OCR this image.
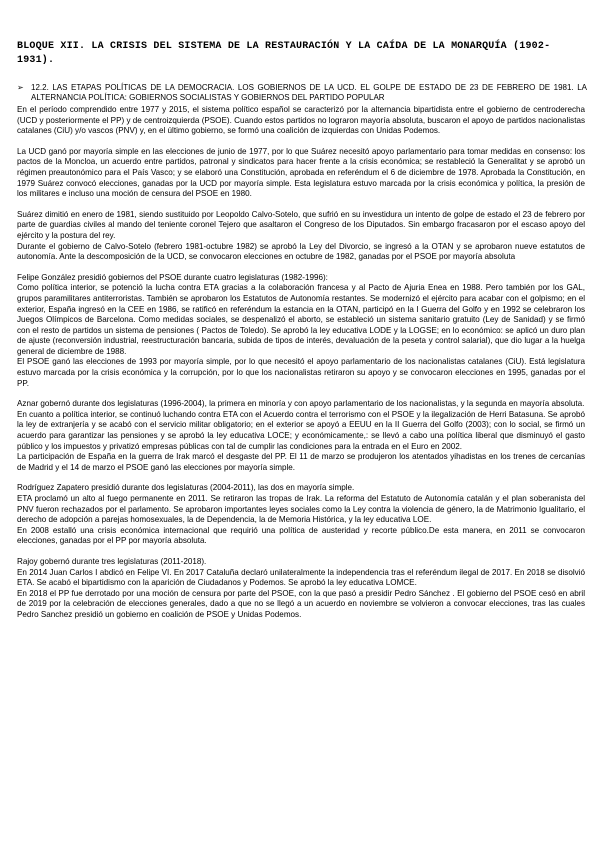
BLOQUE XII. LA CRISIS DEL SISTEMA DE LA RESTAURACIÓN Y LA CAÍDA DE LA MONARQUÍA (1902-1931).
➢ 12.2. LAS ETAPAS POLÍTICAS DE LA DEMOCRACIA. LOS GOBIERNOS DE LA UCD. EL GOLPE DE ESTADO DE 23 DE FEBRERO DE 1981. LA ALTERNANCIA POLÍTICA: GOBIERNOS SOCIALISTAS Y GOBIERNOS DEL PARTIDO POPULAR

En el período comprendido entre 1977 y 2015, el sistema político español se caracterizó por la alternancia bipartidista entre el gobierno de centroderecha (UCD y posteriormente el PP) y de centroizquierda (PSOE). Cuando estos partidos no lograron mayoría absoluta, buscaron el apoyo de partidos nacionalistas catalanes (CiU) y/o vascos (PNV) y, en el último gobierno, se formó una coalición de izquierdas con Unidas Podemos.

La UCD ganó por mayoría simple en las elecciones de junio de 1977, por lo que Suárez necesitó apoyo parlamentario para tomar medidas en consenso: los pactos de la Moncloa, un acuerdo entre partidos, patronal y sindicatos para hacer frente a la crisis económica; se restableció la Generalitat y se aprobó un régimen preautonómico para el País Vasco; y se elaboró una Constitución, aprobada en referéndum el 6 de diciembre de 1978. Aprobada la Constitución, en 1979 Suárez convocó elecciones, ganadas por la UCD por mayoría simple. Esta legislatura estuvo marcada por la crisis económica y política, la presión de los militares e incluso una moción de censura del PSOE en 1980.

Suárez dimitió en enero de 1981, siendo sustituido por Leopoldo Calvo-Sotelo, que sufrió en su investidura un intento de golpe de estado el 23 de febrero por parte de guardias civiles al mando del teniente coronel Tejero que asaltaron el Congreso de los Diputados. Sin embargo fracasaron por el escaso apoyo del ejército y la postura del rey.

Durante el gobierno de Calvo-Sotelo (febrero 1981-octubre 1982) se aprobó la Ley del Divorcio, se ingresó a la OTAN y se aprobaron nueve estatutos de autonomía. Ante la descomposición de la UCD, se convocaron elecciones en octubre de 1982, ganadas por el PSOE por mayoría absoluta

Felipe González presidió gobiernos del PSOE durante cuatro legislaturas (1982-1996):

Como política interior, se potenció la lucha contra ETA gracias a la colaboración francesa y al Pacto de Ajuria Enea en 1988. Pero también por los GAL, grupos paramilitares antiterroristas. También se aprobaron los Estatutos de Autonomía restantes. Se modernizó el ejército para acabar con el golpismo; en el exterior, España ingresó en la CEE en 1986, se ratificó en referéndum la estancia en la OTAN, participó en la I Guerra del Golfo y en 1992 se celebraron los Juegos Olímpicos de Barcelona. Como medidas sociales, se despenalizó el aborto, se estableció un sistema sanitario gratuito (Ley de Sanidad) y se firmó con el resto de partidos un sistema de pensiones ( Pactos de Toledo). Se aprobó la ley educativa LODE y la LOGSE; en lo económico: se aplicó un duro plan de ajuste (reconversión industrial, reestructuración bancaria, subida de tipos de interés, devaluación de la peseta y control salarial), que dio lugar a la huelga general de diciembre de 1988.

El PSOE ganó las elecciones de 1993 por mayoría simple, por lo que necesitó el apoyo parlamentario de los nacionalistas catalanes (CiU). Está legislatura estuvo marcada por la crisis económica y la corrupción, por lo que los nacionalistas retiraron su apoyo y se convocaron elecciones en 1995, ganadas por el PP.

Aznar gobernó durante dos legislaturas (1996-2004), la primera en minoría y con apoyo parlamentario de los nacionalistas, y la segunda en mayoría absoluta.

En cuanto a política interior, se continuó luchando contra ETA con el Acuerdo contra el terrorismo con el PSOE y la ilegalización de Herri Batasuna. Se aprobó la ley de extranjería y se acabó con el servicio militar obligatorio; en el exterior se apoyó a EEUU en la II Guerra del Golfo (2003); con lo social, se firmó un acuerdo para garantizar las pensiones y se aprobó la ley educativa LOCE; y económicamente,: se llevó a cabo una política liberal que disminuyó el gasto público y los impuestos y privatizó empresas públicas con tal de cumplir las condiciones para la entrada en el Euro en 2002.

La participación de España en la guerra de Irak marcó el desgaste del PP. El 11 de marzo se produjeron los atentados yihadistas en los trenes de cercanías de Madrid y el 14 de marzo el PSOE ganó las elecciones por mayoría simple.

Rodríguez Zapatero presidió durante dos legislaturas (2004-2011), las dos en mayoría simple.

ETA proclamó un alto al fuego permanente en 2011. Se retiraron las tropas de Irak. La reforma del Estatuto de Autonomía catalán y el plan soberanista del PNV fueron rechazados por el parlamento. Se aprobaron importantes leyes sociales como la Ley contra la violencia de género, la de Matrimonio Igualitario, el derecho de adopción a parejas homosexuales, la de Dependencia, la de Memoria Histórica, y la ley educativa LOE.

En 2008 estalló una crisis económica internacional que requirió una política de austeridad y recorte público.De esta manera, en 2011 se convocaron elecciones, ganadas por el PP por mayoría absoluta.

Rajoy gobernó durante tres legislaturas (2011-2018).

En 2014 Juan Carlos I abdicó en Felipe VI. En 2017 Cataluña declaró unilateralmente la independencia tras el referéndum ilegal de 2017. En 2018 se disolvió ETA. Se acabó el bipartidismo con la aparición de Ciudadanos y Podemos. Se aprobó la ley educativa LOMCE.

En 2018 el PP fue derrotado por una moción de censura por parte del PSOE, con la que pasó a presidir Pedro Sánchez . El gobierno del PSOE cesó en abril de 2019 por la celebración de elecciones generales, dado a que no se llegó a un acuerdo en noviembre se volvieron a convocar elecciones, tras las cuales Pedro Sanchez presidió un gobierno en coalición de PSOE y Unidas Podemos.
